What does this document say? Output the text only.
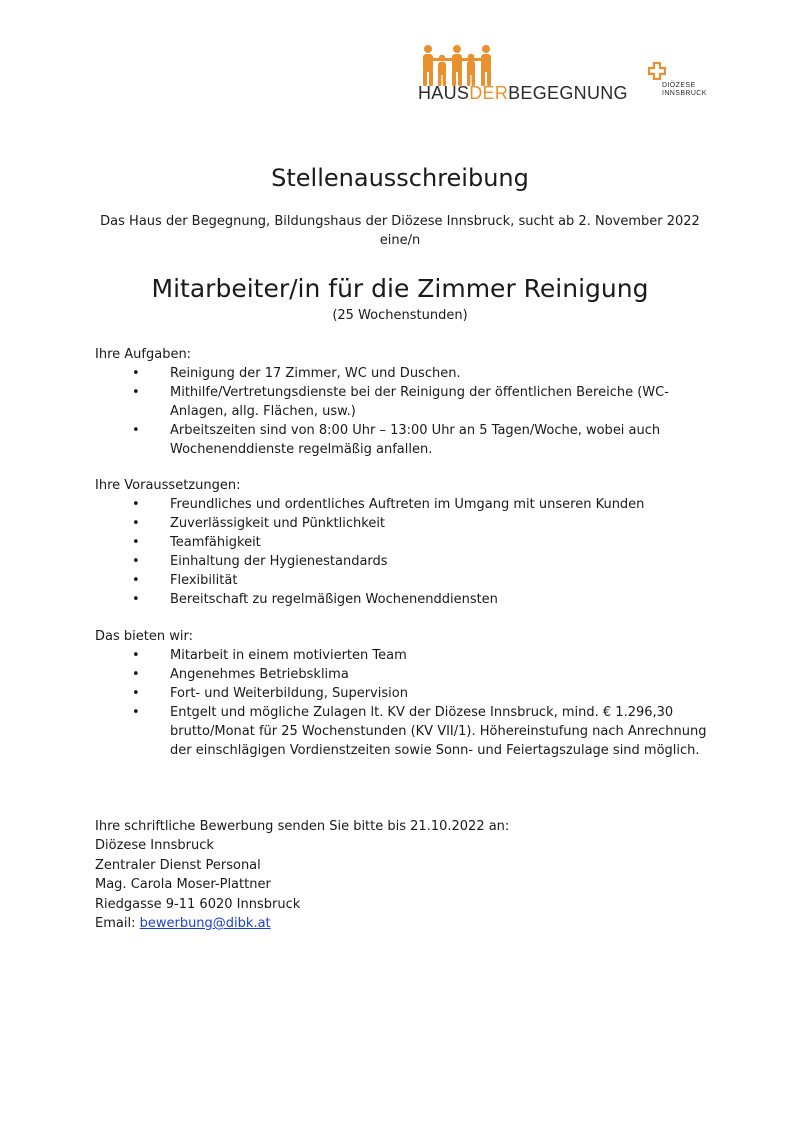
HAUSDERBEGEGNUNG	DIÖZESE
INNSBRUCK
Stellenausschreibung

Das Haus der Begegnung, Bildungshaus der Diözese Innsbruck, sucht ab 2. November 2022 eine/n

Mitarbeiter/in für die Zimmer Reinigung

(25 Wochenstunden)

Ihre Aufgaben:
• Reinigung der 17 Zimmer, WC und Duschen.
• Mithilfe/Vertretungsdienste bei der Reinigung der öffentlichen Bereiche (WC-Anlagen, allg. Flächen, usw.)
• Arbeitszeiten sind von 8:00 Uhr – 13:00 Uhr an 5 Tagen/Woche, wobei auch Wochenenddienste regelmäßig anfallen.
Ihre Voraussetzungen:
• Freundliches und ordentliches Auftreten im Umgang mit unseren Kunden
• Zuverlässigkeit und Pünktlichkeit
• Teamfähigkeit
• Einhaltung der Hygienestandards
• Flexibilität
• Bereitschaft zu regelmäßigen Wochenenddiensten
Das bieten wir:
• Mitarbeit in einem motivierten Team
• Angenehmes Betriebsklima
• Fort- und Weiterbildung, Supervision
• Entgelt und mögliche Zulagen lt. KV der Diözese Innsbruck, mind. € 1.296,30 brutto/Monat für 25 Wochenstunden (KV VII/1). Höhereinstufung nach Anrechnung der einschlägigen Vordienstzeiten sowie Sonn- und Feiertagszulage sind möglich.

Ihre schriftliche Bewerbung senden Sie bitte bis 21.10.2022 an:

Diözese Innsbruck

Zentraler Dienst Personal

Mag. Carola Moser-Plattner

Riedgasse 9-11 6020 Innsbruck

Email: bewerbung@dibk.at
